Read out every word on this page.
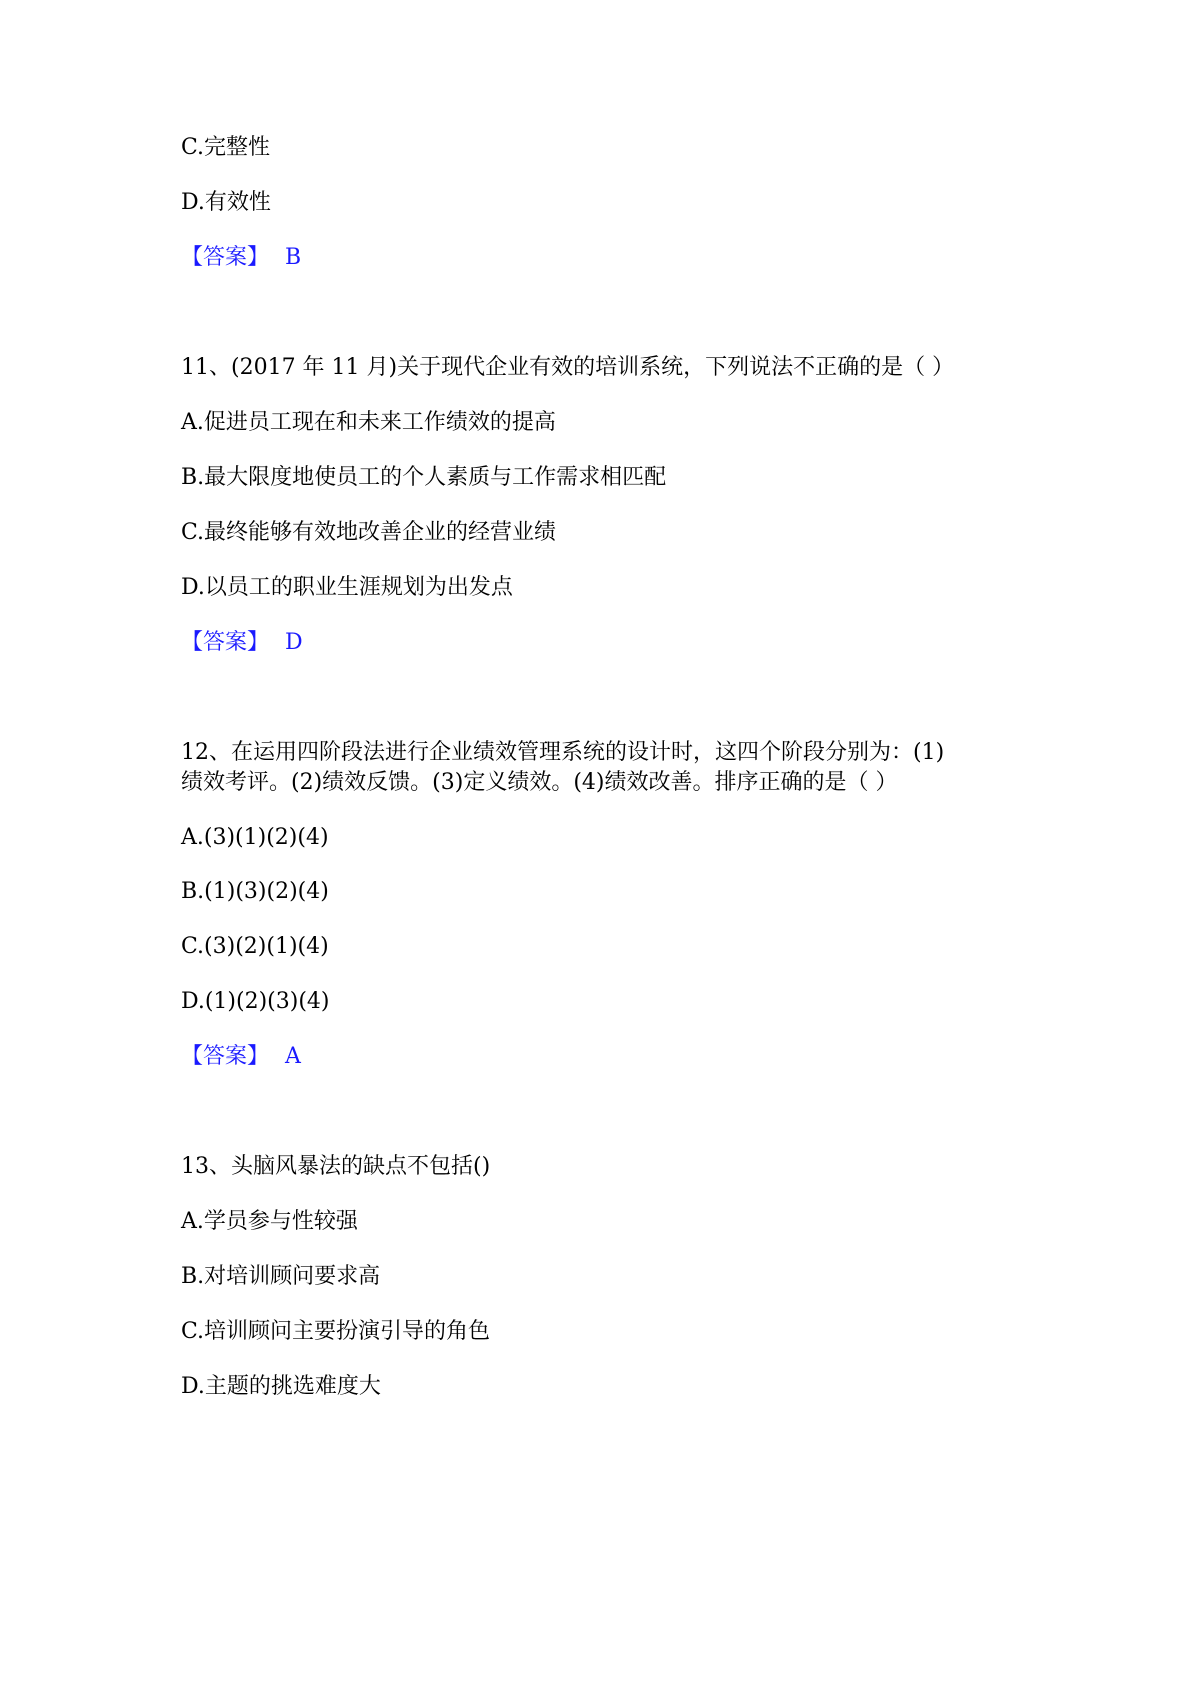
C.完整性

D.有效性

【答案】 B

11、(2017 年 11 月)关于现代企业有效的培训系统，下列说法不正确的是（ ）

A.促进员工现在和未来工作绩效的提高

B.最大限度地使员工的个人素质与工作需求相匹配

C.最终能够有效地改善企业的经营业绩

D.以员工的职业生涯规划为出发点

【答案】 D

12、在运用四阶段法进行企业绩效管理系统的设计时，这四个阶段分别为：(1)

绩效考评。(2)绩效反馈。(3)定义绩效。(4)绩效改善。排序正确的是（ ）

A.(3)(1)(2)(4)

B.(1)(3)(2)(4)

C.(3)(2)(1)(4)

D.(1)(2)(3)(4)

【答案】 A

13、头脑风暴法的缺点不包括()

A.学员参与性较强

B.对培训顾问要求高

C.培训顾问主要扮演引导的角色

D.主题的挑选难度大
